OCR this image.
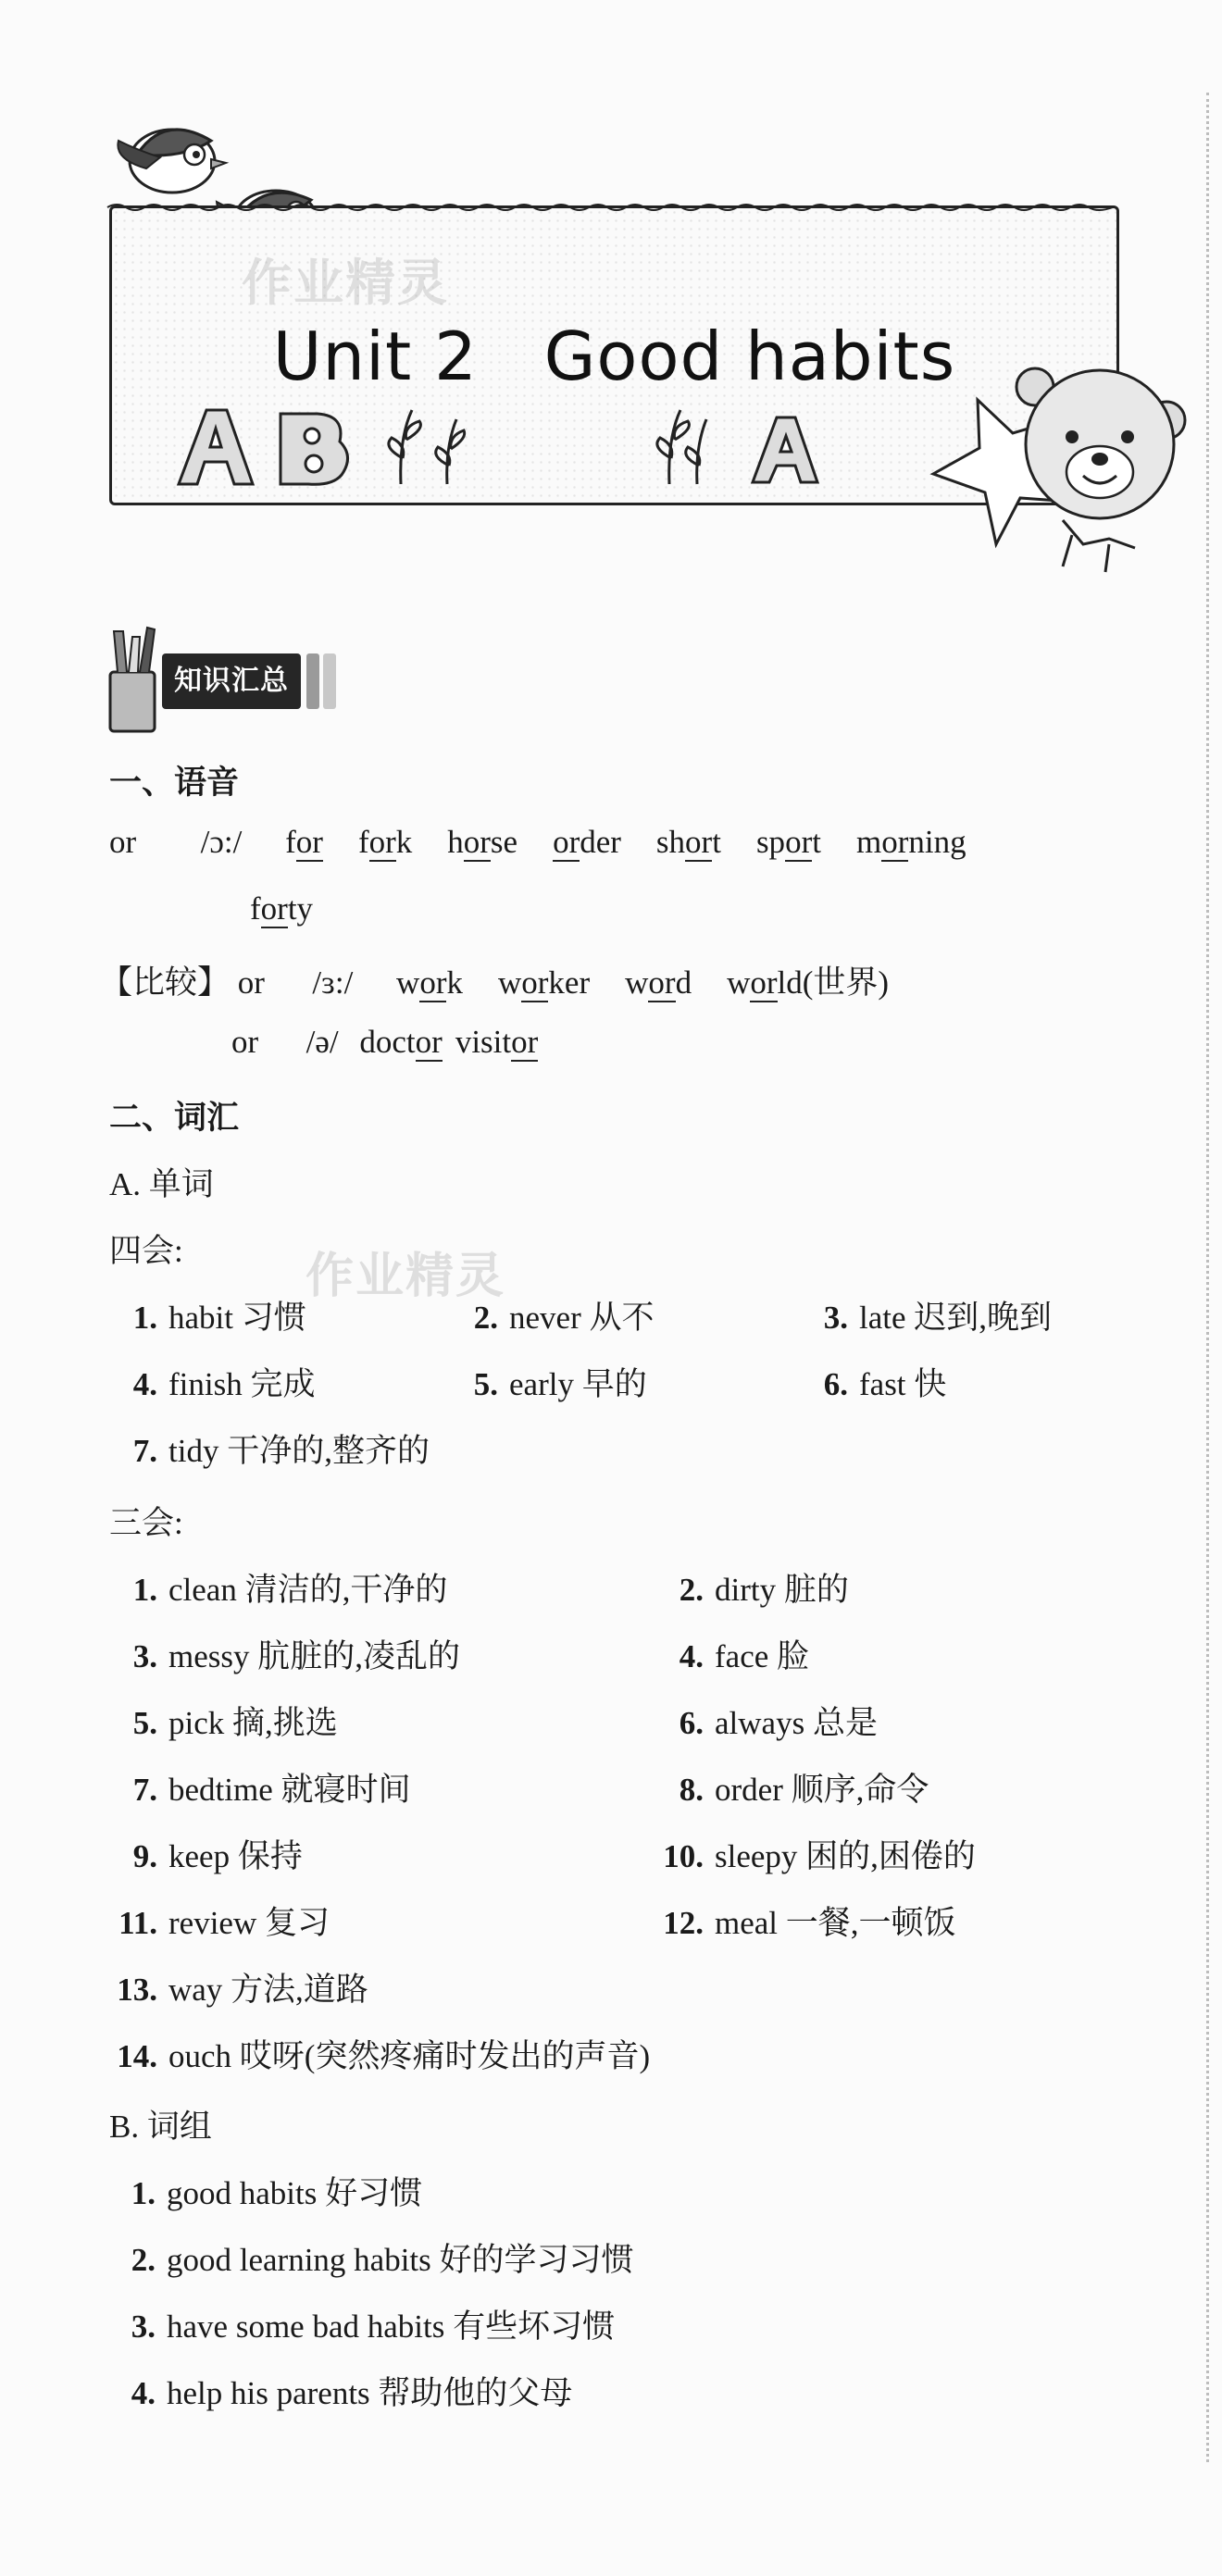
作业精灵
Unit 2   Good habits
知识汇总
一、语音
or /ɔ:/ for fork horse order short sport morning
forty
【比较】 or /ɜ:/ work worker word world(世界)
or /ə/ doctor visitor
二、词汇
A. 单词
四会:	作业精灵
1. habit 习惯	2. never 从不	3. late 迟到,晚到
4. finish 完成	5. early 早的	6. fast 快
7. tidy 干净的,整齐的
三会:
1. clean 清洁的,干净的	2. dirty 脏的
3. messy 肮脏的,凌乱的	4. face 脸
5. pick 摘,挑选	6. always 总是
7. bedtime 就寝时间	8. order 顺序,命令
9. keep 保持	10. sleepy 困的,困倦的
11. review 复习	12. meal 一餐,一顿饭
13. way 方法,道路
14. ouch 哎呀(突然疼痛时发出的声音)
B. 词组
1. good habits 好习惯
2. good learning habits 好的学习习惯
3. have some bad habits 有些坏习惯
4. help his parents 帮助他的父母
